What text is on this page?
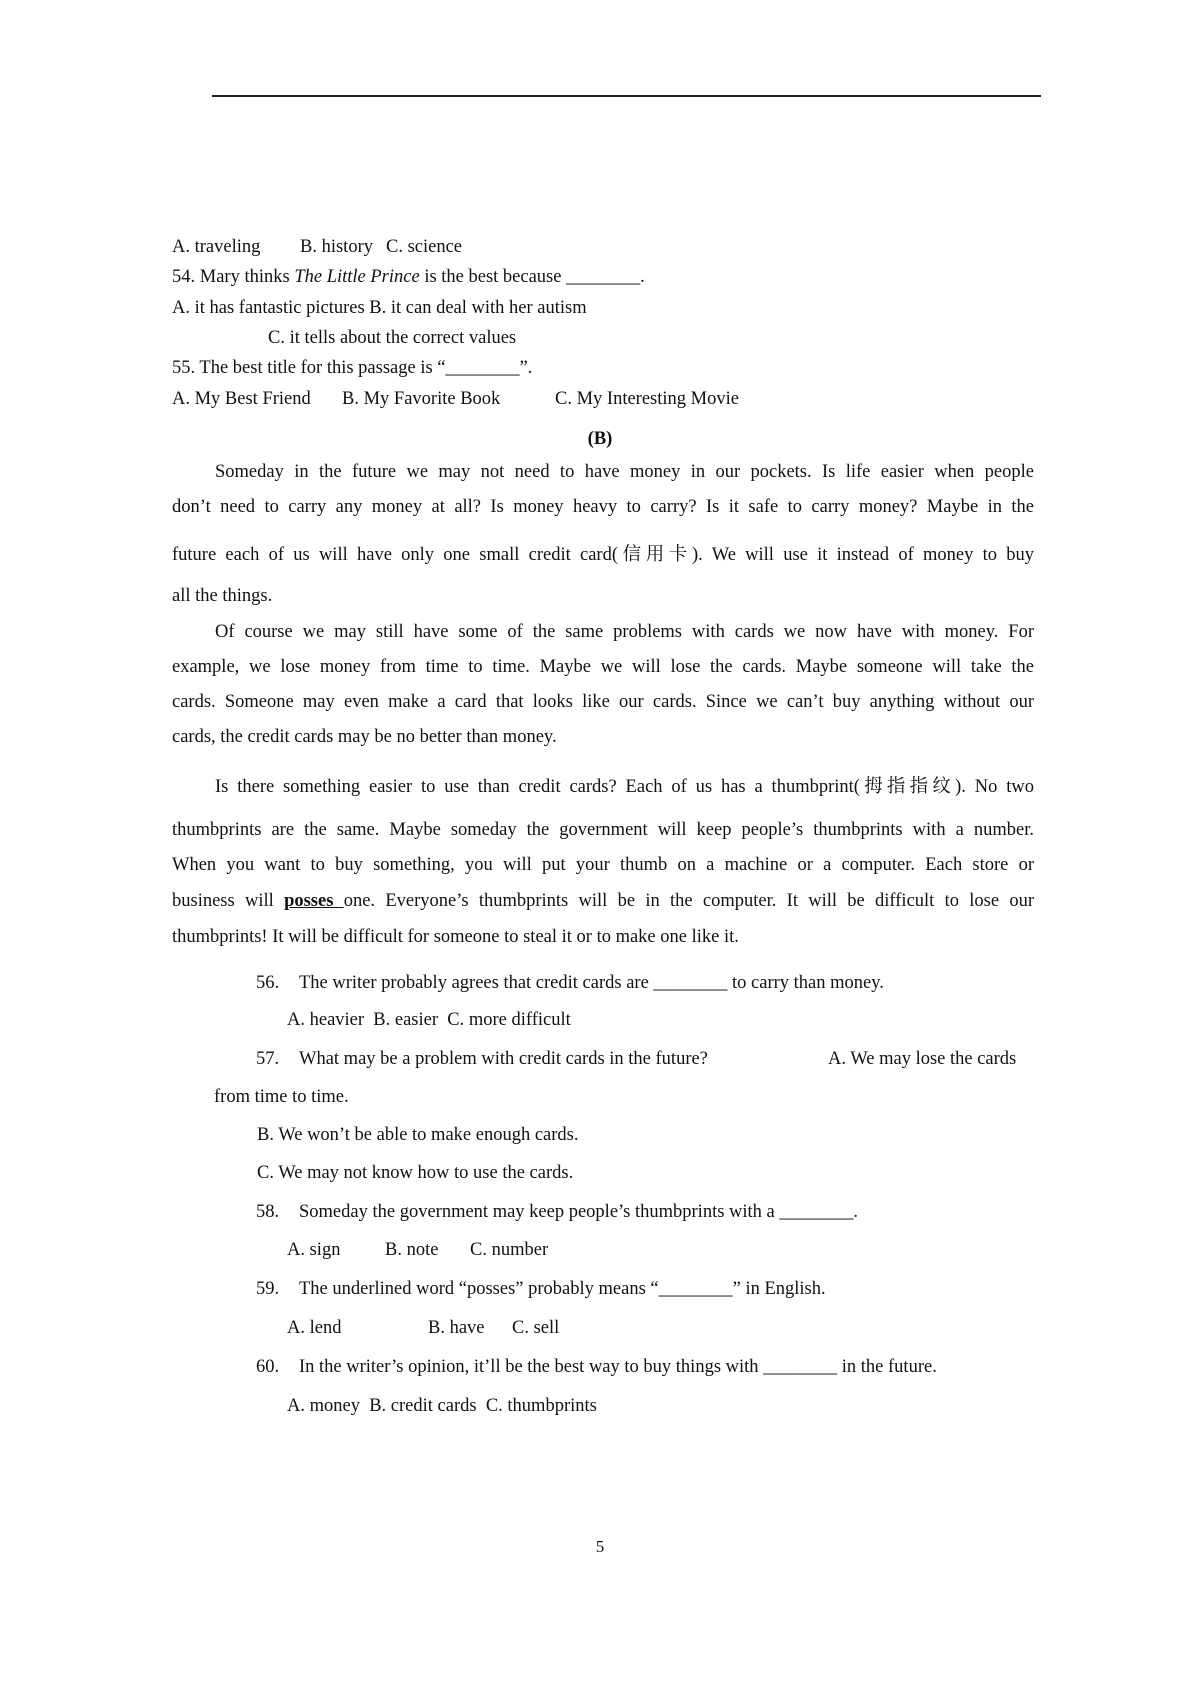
A. traveling B. history C. science
54. Mary thinks The Little Prince is the best because ________.
A. it has fantastic pictures B. it can deal with her autism
C. it tells about the correct values
55. The best title for this passage is “________”.
A. My Best Friend B. My Favorite Book	C. My Interesting Movie
(B)
Someday in the future we may not need to have money in our pockets. Is life easier when people
don’t need to carry any money at all? Is money heavy to carry? Is it safe to carry money? Maybe in the
future each of us will have only one small credit card(信用卡). We will use it instead of money to buy
all the things.
Of course we may still have some of the same problems with cards we now have with money. For
example, we lose money from time to time. Maybe we will lose the cards. Maybe someone will take the
cards. Someone may even make a card that looks like our cards. Since we can’t buy anything without our
cards, the credit cards may be no better than money.
Is there something easier to use than credit cards? Each of us has a thumbprint(拇指指纹). No two
thumbprints are the same. Maybe someday the government will keep people’s thumbprints with a number.
When you want to buy something, you will put your thumb on a machine or a computer. Each store or
business will posses one. Everyone’s thumbprints will be in the computer. It will be difficult to lose our
thumbprints! It will be difficult for someone to steal it or to make one like it.
56. The writer probably agrees that credit cards are ________ to carry than money.
A. heavier  B. easier  C. more difficult
57. What may be a problem with credit cards in the future?	A. We may lose the cards
from time to time.
B. We won’t be able to make enough cards.
C. We may not know how to use the cards.
58. Someday the government may keep people’s thumbprints with a ________.
A. sign B. note C. number
59. The underlined word “posses” probably means “________” in English.
A. lend	B. have C. sell
60. In the writer’s opinion, it’ll be the best way to buy things with ________ in the future.
A. money  B. credit cards  C. thumbprints
5
